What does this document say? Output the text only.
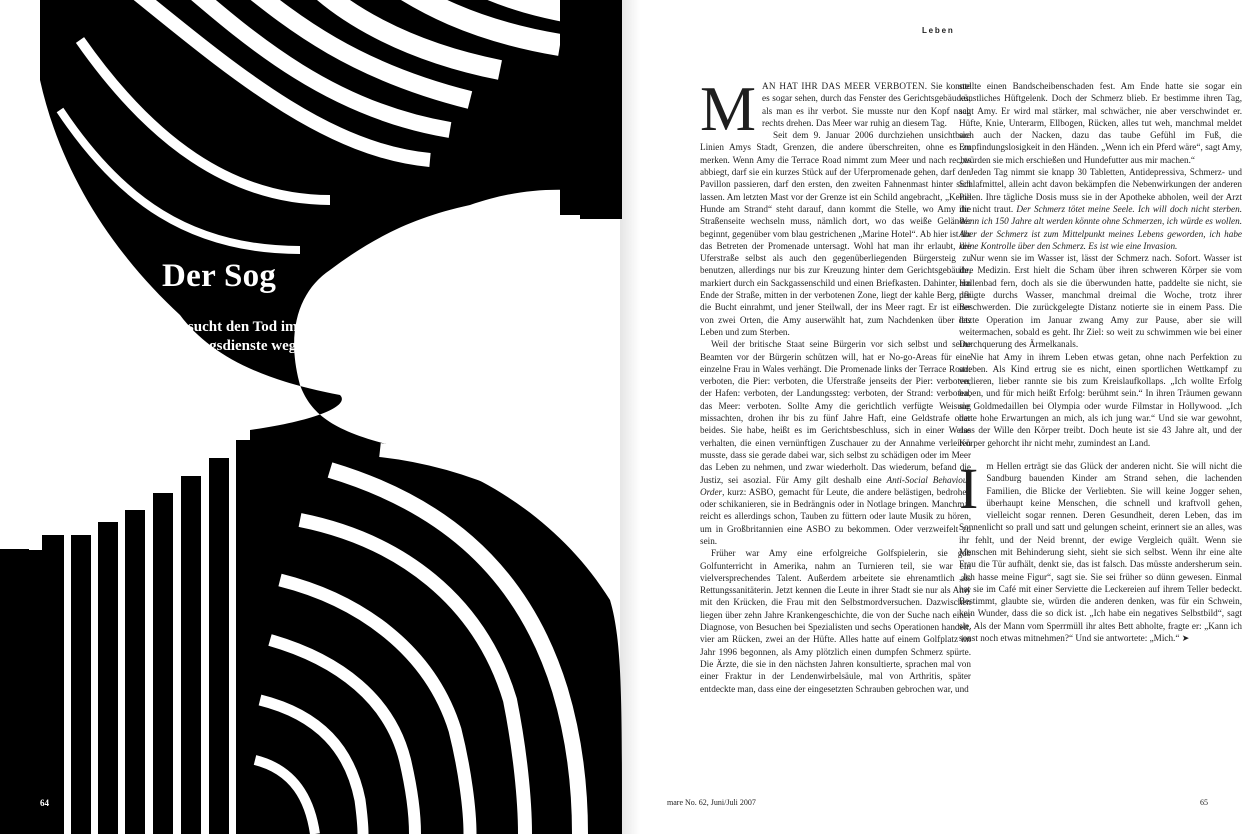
Der Sog

Sie sucht den Tod im Meer. 36 Mal rückten Rettungsdienste wegen ihr aus. Wer ist diese Frau?

Von Sandra Schulz
64
Leben

MAN HAT IHR DAS MEER VERBOTEN. Sie konnte es sogar sehen, durch das Fenster des Gerichtsgebäudes, als man es ihr verbot. Sie musste nur den Kopf nach rechts drehen. Das Meer war ruhig an diesem Tag.

Seit dem 9. Januar 2006 durchziehen unsichtbare Linien Amys Stadt, Grenzen, die andere überschreiten, ohne es zu merken. Wenn Amy die Terrace Road nimmt zum Meer und nach rechts abbiegt, darf sie ein kurzes Stück auf der Uferpromenade gehen, darf den Pavillon passieren, darf den ersten, den zweiten Fahnenmast hinter sich lassen. Am letzten Mast vor der Grenze ist ein Schild angebracht, „Keine Hunde am Strand“ steht darauf, dann kommt die Stelle, wo Amy die Straßenseite wechseln muss, nämlich dort, wo das weiße Geländer beginnt, gegenüber vom blau gestrichenen „Marine Hotel“. Ab hier ist ihr das Betreten der Promenade untersagt. Wohl hat man ihr erlaubt, die Uferstraße selbst als auch den gegenüberliegenden Bürgersteig zu benutzen, allerdings nur bis zur Kreuzung hinter dem Gerichtsgebäude, markiert durch ein Sackgassenschild und einen Briefkasten. Dahinter, am Ende der Straße, mitten in der verbotenen Zone, liegt der kahle Berg, der die Bucht einrahmt, und jener Steilwall, der ins Meer ragt. Er ist einer von zwei Orten, die Amy auserwählt hat, zum Nachdenken über das Leben und zum Sterben.

Weil der britische Staat seine Bürgerin vor sich selbst und seine Beamten vor der Bürgerin schützen will, hat er No-go-Areas für eine einzelne Frau in Wales verhängt. Die Promenade links der Terrace Road: verboten, die Pier: verboten, die Uferstraße jenseits der Pier: verboten, der Hafen: verboten, der Landungssteg: verboten, der Strand: verboten, das Meer: verboten. Sollte Amy die gerichtlich verfügte Weisung missachten, drohen ihr bis zu fünf Jahre Haft, eine Geldstrafe oder beides. Sie habe, heißt es im Gerichtsbeschluss, sich in einer Weise verhalten, die einen vernünftigen Zuschauer zu der Annahme verleiten musste, dass sie gerade dabei war, sich selbst zu schädigen oder im Meer das Leben zu nehmen, und zwar wiederholt. Das wiederum, befand die Justiz, sei asozial. Für Amy gilt deshalb eine Anti-Social Behaviour Order, kurz: ASBO, gemacht für Leute, die andere belästigen, bedrohen oder schikanieren, sie in Bedrängnis oder in Notlage bringen. Manchmal reicht es allerdings schon, Tauben zu füttern oder laute Musik zu hören, um in Großbritannien eine ASBO zu bekommen. Oder verzweifelt zu sein.

Früher war Amy eine erfolgreiche Golfspielerin, sie gab Golfunterricht in Amerika, nahm an Turnieren teil, sie war ein vielversprechendes Talent. Außerdem arbeitete sie ehrenamtlich als Rettungssanitäterin. Jetzt kennen die Leute in ihrer Stadt sie nur als Amy mit den Krücken, die Frau mit den Selbstmordversuchen. Dazwischen liegen über zehn Jahre Krankengeschichte, die von der Suche nach einer Diagnose, von Besuchen bei Spezialisten und sechs Operationen handelt, vier am Rücken, zwei an der Hüfte. Alles hatte auf einem Golfplatz im Jahr 1996 begonnen, als Amy plötzlich einen dumpfen Schmerz spürte. Die Ärzte, die sie in den nächsten Jahren konsultierte, sprachen mal von einer Fraktur in der Lendenwirbelsäule, mal von Arthritis, später entdeckte man, dass eine der eingesetzten Schrauben gebrochen war, und

stellte einen Bandscheibenschaden fest. Am Ende hatte sie sogar ein künstliches Hüftgelenk. Doch der Schmerz blieb. Er bestimme ihren Tag, sagt Amy. Er wird mal stärker, mal schwächer, nie aber verschwindet er. Hüfte, Knie, Unterarm, Ellbogen, Rücken, alles tut weh, manchmal meldet sich auch der Nacken, dazu das taube Gefühl im Fuß, die Empfindungslosigkeit in den Händen. „Wenn ich ein Pferd wäre“, sagt Amy, „würden sie mich erschießen und Hundefutter aus mir machen.“

Jeden Tag nimmt sie knapp 30 Tabletten, Antidepressiva, Schmerz- und Schlafmittel, allein acht davon bekämpfen die Nebenwirkungen der anderen Pillen. Ihre tägliche Dosis muss sie in der Apotheke abholen, weil der Arzt ihr nicht traut. Der Schmerz tötet meine Seele. Ich will doch nicht sterben. Wenn ich 150 Jahre alt werden könnte ohne Schmerzen, ich würde es wollen. Aber der Schmerz ist zum Mittelpunkt meines Lebens geworden, ich habe keine Kontrolle über den Schmerz. Es ist wie eine Invasion.

Nur wenn sie im Wasser ist, lässt der Schmerz nach. Sofort. Wasser ist ihre Medizin. Erst hielt die Scham über ihren schweren Körper sie vom Hallenbad fern, doch als sie die überwunden hatte, paddelte sie nicht, sie pflügte durchs Wasser, manchmal dreimal die Woche, trotz ihrer Beschwerden. Die zurückgelegte Distanz notierte sie in einem Pass. Die letzte Operation im Januar zwang Amy zur Pause, aber sie will weitermachen, sobald es geht. Ihr Ziel: so weit zu schwimmen wie bei einer Durchquerung des Ärmelkanals.

Nie hat Amy in ihrem Leben etwas getan, ohne nach Perfektion zu streben. Als Kind ertrug sie es nicht, einen sportlichen Wettkampf zu verlieren, lieber rannte sie bis zum Kreislaufkollaps. „Ich wollte Erfolg haben, und für mich heißt Erfolg: berühmt sein.“ In ihren Träumen gewann sie Goldmedaillen bei Olympia oder wurde Filmstar in Hollywood. „Ich hatte hohe Erwartungen an mich, als ich jung war.“ Und sie war gewohnt, dass der Wille den Körper treibt. Doch heute ist sie 43 Jahre alt, und der Körper gehorcht ihr nicht mehr, zumindest an Land.

Im Hellen erträgt sie das Glück der anderen nicht. Sie will nicht die Sandburg bauenden Kinder am Strand sehen, die lachenden Familien, die Blicke der Verliebten. Sie will keine Jogger sehen, überhaupt keine Menschen, die schnell und kraftvoll gehen, vielleicht sogar rennen. Deren Gesundheit, deren Leben, das im Sonnenlicht so prall und satt und gelungen scheint, erinnert sie an alles, was ihr fehlt, und der Neid brennt, der ewige Vergleich quält. Wenn sie Menschen mit Behinderung sieht, sieht sie sich selbst. Wenn ihr eine alte Frau die Tür aufhält, denkt sie, das ist falsch. Das müsste andersherum sein. „Ich hasse meine Figur“, sagt sie. Sie sei früher so dünn gewesen. Einmal hat sie im Café mit einer Serviette die Leckereien auf ihrem Teller bedeckt. Bestimmt, glaubte sie, würden die anderen denken, was für ein Schwein, kein Wunder, dass die so dick ist. „Ich habe ein negatives Selbstbild“, sagt sie. Als der Mann vom Sperrmüll ihr altes Bett abholte, fragte er: „Kann ich sonst noch etwas mitnehmen?“ Und sie antwortete: „Mich.“ ➤

mare No. 62, Juni/Juli 2007	65
